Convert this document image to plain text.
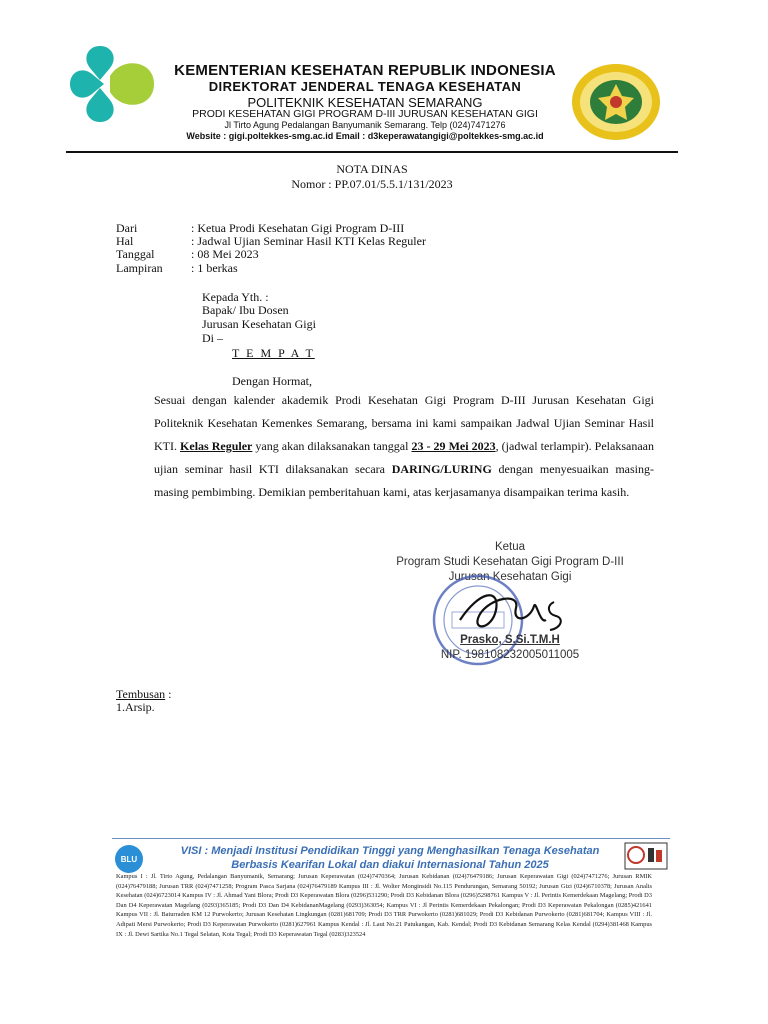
KEMENTERIAN KESEHATAN REPUBLIK INDONESIA
DIREKTORAT JENDERAL TENAGA KESEHATAN
POLITEKNIK KESEHATAN SEMARANG
PRODI KESEHATAN GIGI PROGRAM D-III JURUSAN KESEHATAN GIGI
Jl Tirto Agung Pedalangan Banyumanik Semarang. Telp (024)7471276
Website : gigi.poltekkes-smg.ac.id Email : d3keperawatangigi@poltekkes-smg.ac.id
NOTA DINAS
Nomor : PP.07.01/5.5.1/131/2023
Dari	: Ketua Prodi Kesehatan Gigi Program D-III
Hal	: Jadwal Ujian Seminar Hasil KTI Kelas Reguler
Tanggal	: 08 Mei 2023
Lampiran : 1 berkas
Kepada Yth. :
Bapak/ Ibu Dosen
Jurusan Kesehatan Gigi
Di –
T E M P A T
Dengan Hormat,
Sesuai dengan kalender akademik Prodi Kesehatan Gigi Program D-III Jurusan Kesehatan Gigi Politeknik Kesehatan Kemenkes Semarang, bersama ini kami sampaikan Jadwal Ujian Seminar Hasil KTI. Kelas Reguler yang akan dilaksanakan tanggal 23 - 29 Mei 2023, (jadwal terlampir). Pelaksanaan ujian seminar hasil KTI dilaksanakan secara DARING/LURING dengan menyesuaikan masing-masing pembimbing. Demikian pemberitahuan kami, atas kerjasamanya disampaikan terima kasih.
Ketua
Program Studi Kesehatan Gigi Program D-III
Jurusan Kesehatan Gigi
Prasko, S.Si.T.M.H
NIP. 198108232005011005
Tembusan :
1.Arsip.
BLU
VISI : Menjadi Institusi Pendidikan Tinggi yang Menghasilkan Tenaga Kesehatan
Berbasis Kearifan Lokal dan diakui Internasional Tahun 2025
Kampus I : Jl. Tirto Agung, Pedalangan Banyumanik, Semarang; Jurusan Keperawatan (024)7470364; Jurusan Kebidanan (024)76479186; Jurusan Keperawatan Gigi (024)7471276; Jurusan RMIK (024)76479188; Jurusan TRR (024)7471258; Program Pasca Sarjana (024)76479189 Kampus III : Jl. Wolter Monginsidi No.115 Pendurungan, Semarang 50192; Jurusan Gizi (024)6710378; Jurusan Analis Kesehatan (024)6723014 Kampus IV : Jl. Ahmad Yani Blora; Prodi D3 Keperawatan Blora (0296)531290; Prodi D3 Kebidanan Blora (0296)5298761 Kampus V : Jl. Perintis Kemerdekaan Magelang; Prodi D3 Dan D4 Keperawatan Magelang (0293)365185; Prodi D3 Dan D4 KebidananMagelang (0293)363054; Kampus VI : Jl Perintis Kemerdekaan Pekalongan; Prodi D3 Keperawatan Pekalongan (0285)421641 Kampus VII : Jl. Baturraden KM 12 Purwokerto; Jurusan Kesehatan Lingkungan (0281)681709; Prodi D3 TRR Purwokerto (0281)681029; Prodi D3 Kebidanan Purwokerto (0281)681704; Kampus VIII : Jl. Adipati Mersi Purwokerto; Prodi D3 Keperawatan Purwokerto (0281)627961 Kampus Kendal : Jl. Laut No.21 Patukangan, Kab. Kendal; Prodi D3 Kebidanan Semarang Kelas Kendal (0294)381468 Kampus IX : Jl. Dewi Sartika No.1 Tegal Selatan, Kota Tegal; Prodi D3 Keperawatan Tegal (0283)323524
